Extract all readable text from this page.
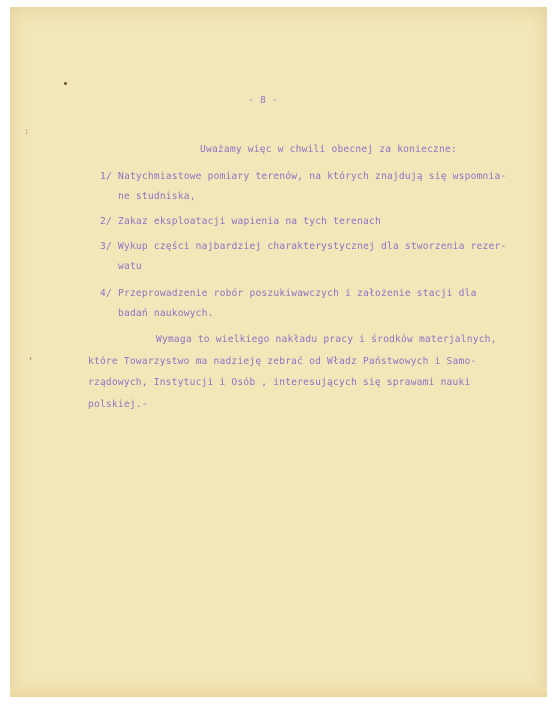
:
,
- 8 -
Uważamy więc w chwili obecnej za konieczne:
1/ Natychmiastowe pomiary terenów, na których znajdują się wspomnia-
ne studniska,
2/ Zakaz eksploatacji wapienia na tych terenach
3/ Wykup części najbardziej charakterystycznej dla stworzenia rezer-
watu
4/ Przeprowadzenie robór poszukiwawczych i założenie stacji dla
badań naukowych.
Wymaga to wielkiego nakładu pracy i środków materjalnych,
które Towarzystwo ma nadzieję zebrać od Władz Państwowych i Samo-
rządowych, Instytucji i Osób , interesujących się sprawami nauki
polskiej.-
